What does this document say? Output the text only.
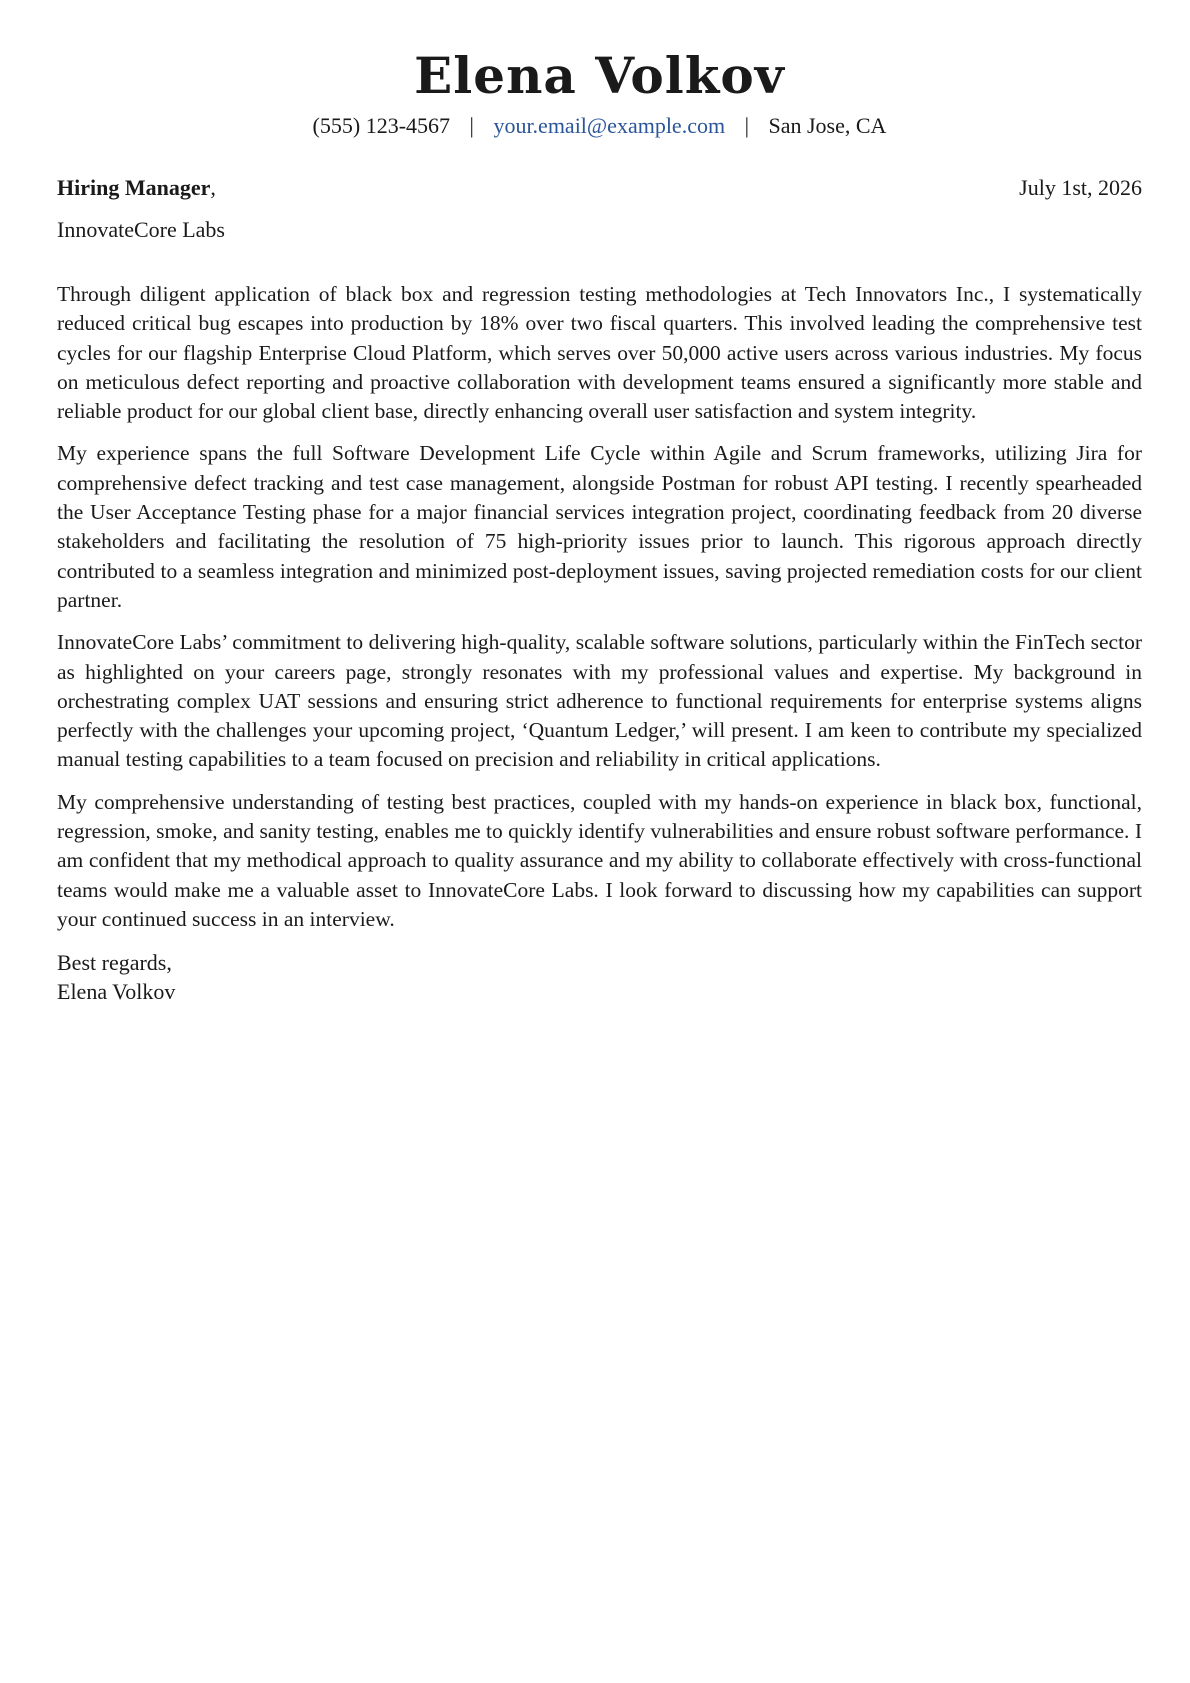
Elena Volkov
(555) 123-4567 | your.email@example.com | San Jose, CA
Hiring Manager,	July 1st, 2026
InnovateCore Labs

Through diligent application of black box and regression testing methodologies at Tech Innovators Inc., I systematically reduced critical bug escapes into production by 18% over two fiscal quarters. This involved leading the comprehensive test cycles for our flagship Enterprise Cloud Platform, which serves over 50,000 active users across various industries. My focus on meticulous defect reporting and proactive collaboration with development teams ensured a significantly more stable and reliable product for our global client base, directly enhancing overall user satisfaction and system integrity.

My experience spans the full Software Development Life Cycle within Agile and Scrum frameworks, utilizing Jira for comprehensive defect tracking and test case management, alongside Postman for robust API testing. I recently spearheaded the User Acceptance Testing phase for a major financial services integration project, coordinating feedback from 20 diverse stakeholders and facilitating the resolution of 75 high-priority issues prior to launch. This rigorous approach directly contributed to a seamless integration and minimized post-deployment issues, saving projected remediation costs for our client partner.

InnovateCore Labs’ commitment to delivering high-quality, scalable software solutions, particularly within the FinTech sector as highlighted on your careers page, strongly resonates with my professional values and expertise. My background in orchestrating complex UAT sessions and ensuring strict adherence to functional requirements for enterprise systems aligns perfectly with the challenges your upcoming project, ‘Quantum Ledger,’ will present. I am keen to contribute my specialized manual testing capabilities to a team focused on precision and reliability in critical applications.

My comprehensive understanding of testing best practices, coupled with my hands-on experience in black box, functional, regression, smoke, and sanity testing, enables me to quickly identify vulnerabilities and ensure robust software performance. I am confident that my methodical approach to quality assurance and my ability to collaborate effectively with cross-functional teams would make me a valuable asset to InnovateCore Labs. I look forward to discussing how my capabilities can support your continued success in an interview.

Best regards,
Elena Volkov
